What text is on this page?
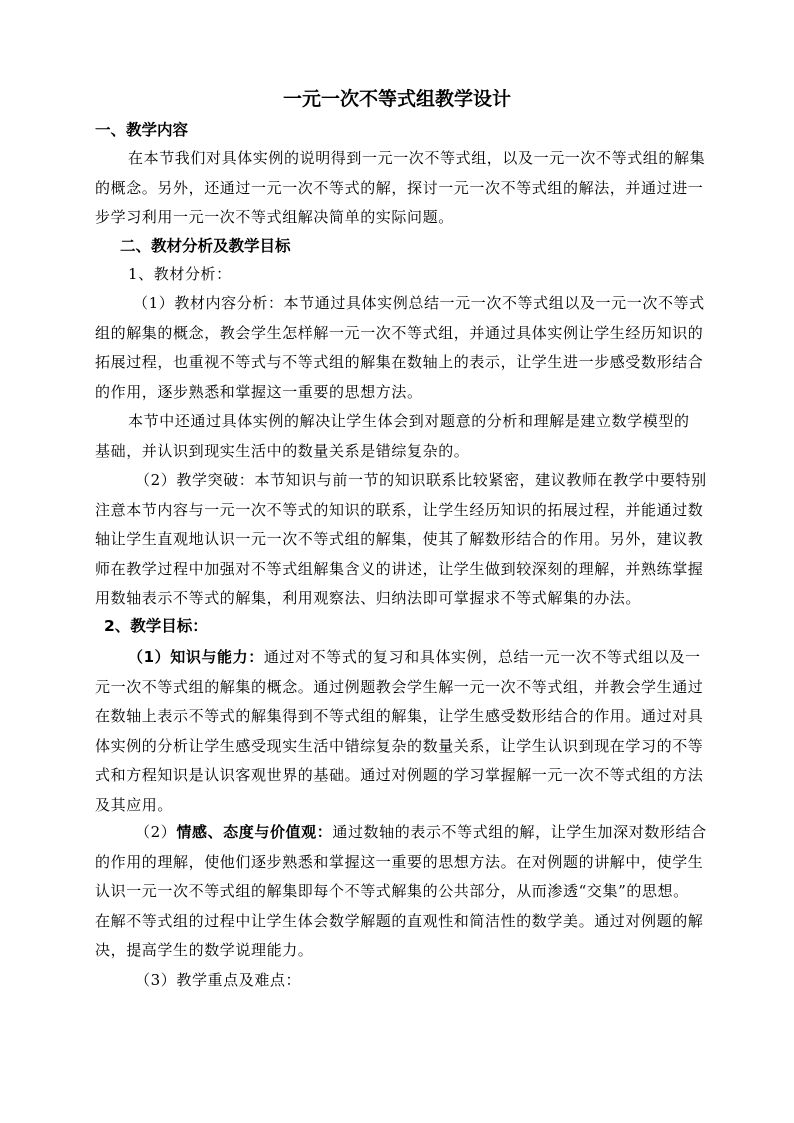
一元一次不等式组教学设计
一、教学内容
在本节我们对具体实例的说明得到一元一次不等式组，以及一元一次不等式组的解集
的概念。另外，还通过一元一次不等式的解，探讨一元一次不等式组的解法，并通过进一
步学习利用一元一次不等式组解决简单的实际问题。
二、教材分析及教学目标
1、教材分析：
（1）教材内容分析：本节通过具体实例总结一元一次不等式组以及一元一次不等式
组的解集的概念，教会学生怎样解一元一次不等式组，并通过具体实例让学生经历知识的
拓展过程，也重视不等式与不等式组的解集在数轴上的表示，让学生进一步感受数形结合
的作用，逐步熟悉和掌握这一重要的思想方法。
本节中还通过具体实例的解决让学生体会到对题意的分析和理解是建立数学模型的
基础，并认识到现实生活中的数量关系是错综复杂的。
（2）教学突破：本节知识与前一节的知识联系比较紧密，建议教师在教学中要特别
注意本节内容与一元一次不等式的知识的联系，让学生经历知识的拓展过程，并能通过数
轴让学生直观地认识一元一次不等式组的解集，使其了解数形结合的作用。另外，建议教
师在教学过程中加强对不等式组解集含义的讲述，让学生做到较深刻的理解，并熟练掌握
用数轴表示不等式的解集，利用观察法、归纳法即可掌握求不等式解集的办法。
2、教学目标：
（1）知识与能力：通过对不等式的复习和具体实例，总结一元一次不等式组以及一
元一次不等式组的解集的概念。通过例题教会学生解一元一次不等式组，并教会学生通过
在数轴上表示不等式的解集得到不等式组的解集，让学生感受数形结合的作用。通过对具
体实例的分析让学生感受现实生活中错综复杂的数量关系，让学生认识到现在学习的不等
式和方程知识是认识客观世界的基础。通过对例题的学习掌握解一元一次不等式组的方法
及其应用。
（2）情感、态度与价值观：通过数轴的表示不等式组的解，让学生加深对数形结合
的作用的理解，使他们逐步熟悉和掌握这一重要的思想方法。在对例题的讲解中，使学生
认识一元一次不等式组的解集即每个不等式解集的公共部分，从而渗透“交集”的思想。
在解不等式组的过程中让学生体会数学解题的直观性和简洁性的数学美。通过对例题的解
决，提高学生的数学说理能力。
（3）教学重点及难点：
